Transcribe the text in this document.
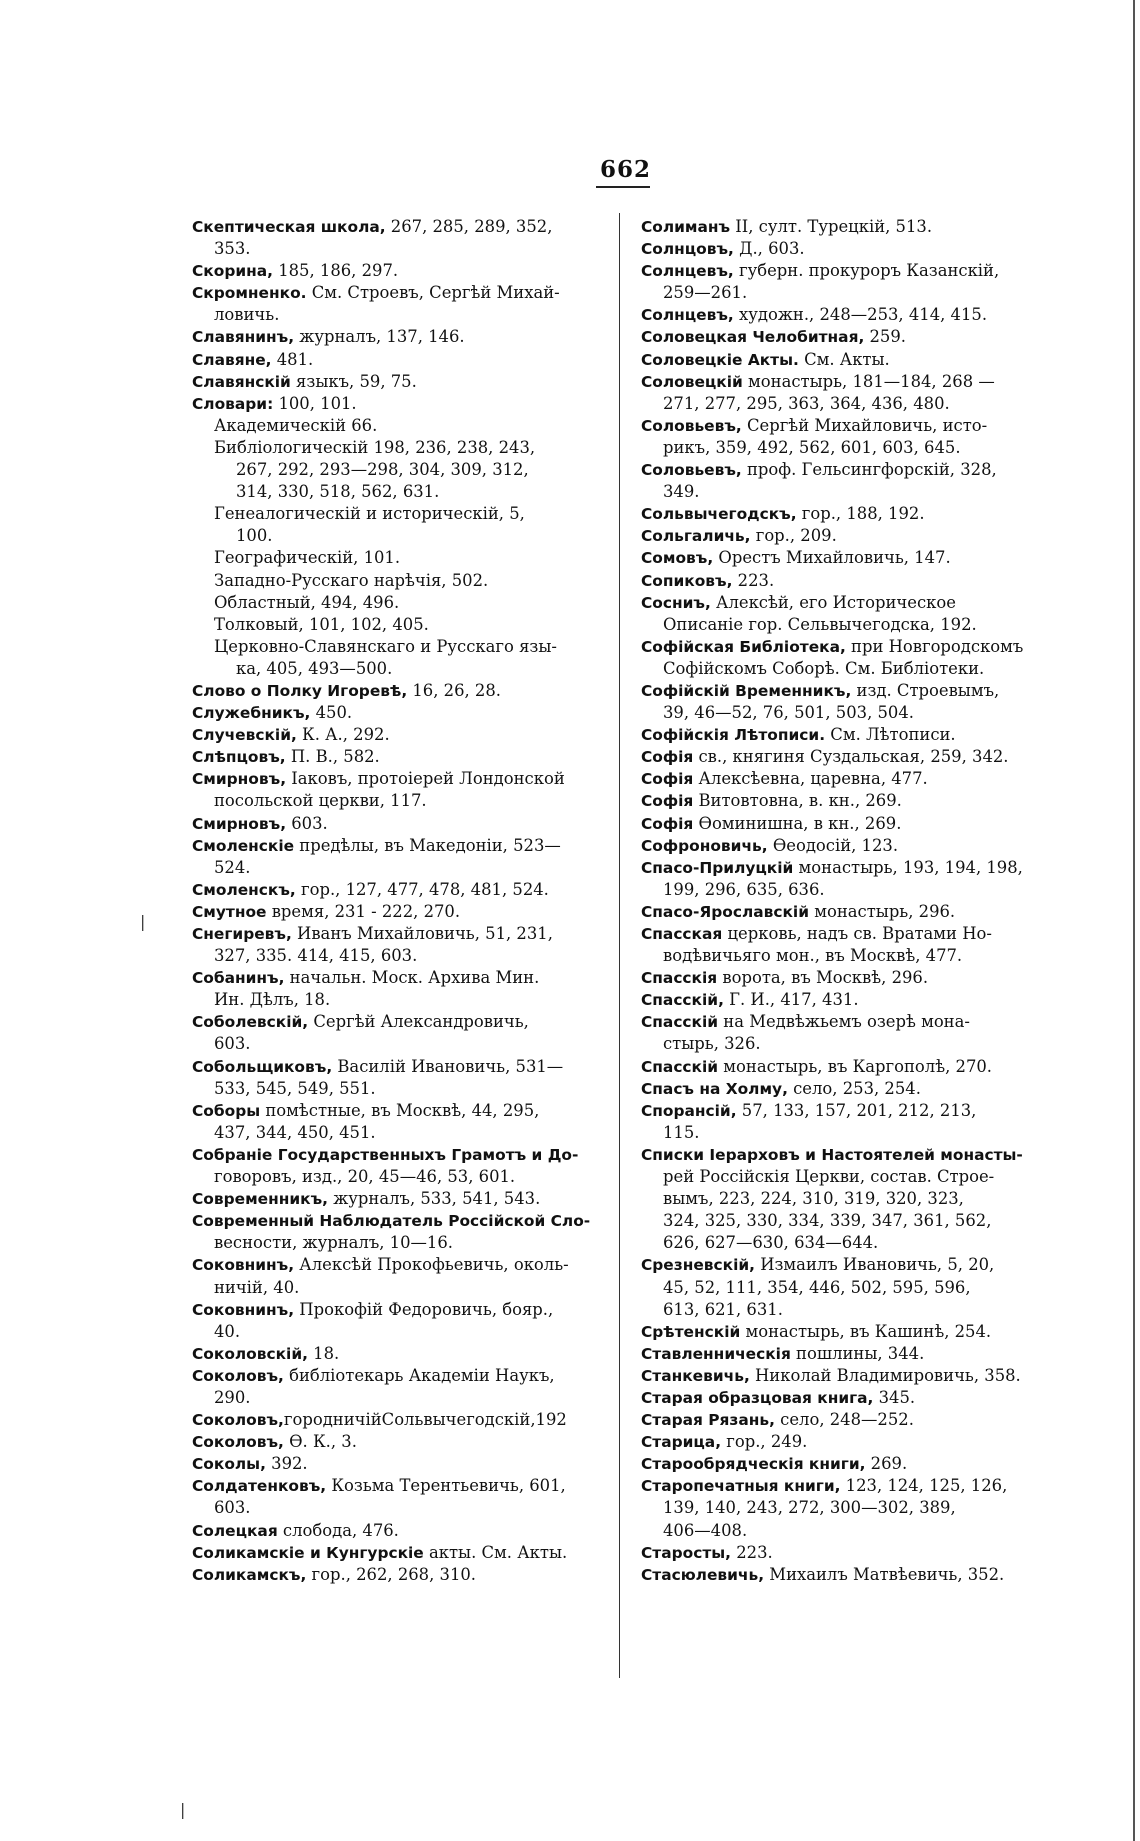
662
|
|
Скептическая школа, 267, 285, 289, 352,
353.
Скорина, 185, 186, 297.
Скромненко. См. Строевъ, Сергѣй Михай-
ловичь.
Славянинъ, журналъ, 137, 146.
Славяне, 481.
Славянскій языкъ, 59, 75.
Словари: 100, 101.
Академическій 66.
Библіологическій 198, 236, 238, 243,
267, 292, 293—298, 304, 309, 312,
314, 330, 518, 562, 631.
Генеалогическій и историческій, 5,
100.
Географическій, 101.
Западно-Русскаго нарѣчія, 502.
Областный, 494, 496.
Толковый, 101, 102, 405.
Церковно-Славянскаго и Русскаго язы-
ка, 405, 493—500.
Слово о Полку Игоревѣ, 16, 26, 28.
Служебникъ, 450.
Случевскій, К. А., 292.
Слѣпцовъ, П. В., 582.
Смирновъ, Іаковъ, протоіерей Лондонской
посольской церкви, 117.
Смирновъ, 603.
Смоленскіе предѣлы, въ Македоніи, 523—
524.
Смоленскъ, гор., 127, 477, 478, 481, 524.
Смутное время, 231 - 222, 270.
Снегиревъ, Иванъ Михайловичь, 51, 231,
327, 335. 414, 415, 603.
Собанинъ, начальн. Моск. Архива Мин.
Ин. Дѣлъ, 18.
Соболевскій, Сергѣй Александровичь,
603.
Собольщиковъ, Василій Ивановичь, 531—
533, 545, 549, 551.
Соборы помѣстные, въ Москвѣ, 44, 295,
437, 344, 450, 451.
Собраніе Государственныхъ Грамотъ и До-
говоровъ, изд., 20, 45—46, 53, 601.
Современникъ, журналъ, 533, 541, 543.
Современный Наблюдатель Россійской Сло-
весности, журналъ, 10—16.
Соковнинъ, Алексѣй Прокофьевичь, околь-
ничій, 40.
Соковнинъ, Прокофій Федоровичь, бояр.,
40.
Соколовскій, 18.
Соколовъ, библіотекарь Академіи Наукъ,
290.
Соколовъ,городничійСольвычегодскій,192
Соколовъ, Ѳ. К., 3.
Соколы, 392.
Солдатенковъ, Козьма Терентьевичь, 601,
603.
Солецкая слобода, 476.
Соликамскіе и Кунгурскіе акты. См. Акты.
Соликамскъ, гор., 262, 268, 310.
Солиманъ II, султ. Турецкій, 513.
Солнцовъ, Д., 603.
Солнцевъ, губерн. прокуроръ Казанскій,
259—261.
Солнцевъ, художн., 248—253, 414, 415.
Соловецкая Челобитная, 259.
Соловецкіе Акты. См. Акты.
Соловецкій монастырь, 181—184, 268 —
271, 277, 295, 363, 364, 436, 480.
Соловьевъ, Сергѣй Михайловичь, исто-
рикъ, 359, 492, 562, 601, 603, 645.
Соловьевъ, проф. Гельсингфорскій, 328,
349.
Сольвычегодскъ, гор., 188, 192.
Сольгаличь, гор., 209.
Сомовъ, Орестъ Михайловичь, 147.
Сопиковъ, 223.
Сосниъ, Алексѣй, его Историческое
Описаніе гор. Сельвычегодска, 192.
Софійская Библіотека, при Новгородскомъ
Софійскомъ Соборѣ. См. Библіотеки.
Софійскій Временникъ, изд. Строевымъ,
39, 46—52, 76, 501, 503, 504.
Софійскія Лѣтописи. См. Лѣтописи.
Софія св., княгиня Суздальская, 259, 342.
Софія Алексѣевна, царевна, 477.
Софія Витовтовна, в. кн., 269.
Софія Ѳоминишна, в кн., 269.
Софроновичь, Ѳеодосій, 123.
Спасо-Прилуцкій монастырь, 193, 194, 198,
199, 296, 635, 636.
Спасо-Ярославскій монастырь, 296.
Спасская церковь, надъ св. Вратами Но-
водѣвичьяго мон., въ Москвѣ, 477.
Спасскія ворота, въ Москвѣ, 296.
Спасскій, Г. И., 417, 431.
Спасскій на Медвѣжьемъ озерѣ мона-
стырь, 326.
Спасскій монастырь, въ Каргополѣ, 270.
Спасъ на Холму, село, 253, 254.
Спорансій, 57, 133, 157, 201, 212, 213,
115.
Списки Іерарховъ и Настоятелей монасты-
рей Россійскія Церкви, состав. Строе-
вымъ, 223, 224, 310, 319, 320, 323,
324, 325, 330, 334, 339, 347, 361, 562,
626, 627—630, 634—644.
Срезневскій, Измаилъ Ивановичь, 5, 20,
45, 52, 111, 354, 446, 502, 595, 596,
613, 621, 631.
Срѣтенскій монастырь, въ Кашинѣ, 254.
Ставленническія пошлины, 344.
Станкевичь, Николай Владимировичь, 358.
Старая образцовая книга, 345.
Старая Рязань, село, 248—252.
Старица, гор., 249.
Старообрядческія книги, 269.
Старопечатныя книги, 123, 124, 125, 126,
139, 140, 243, 272, 300—302, 389,
406—408.
Старосты, 223.
Стасюлевичь, Михаилъ Матвѣевичь, 352.
